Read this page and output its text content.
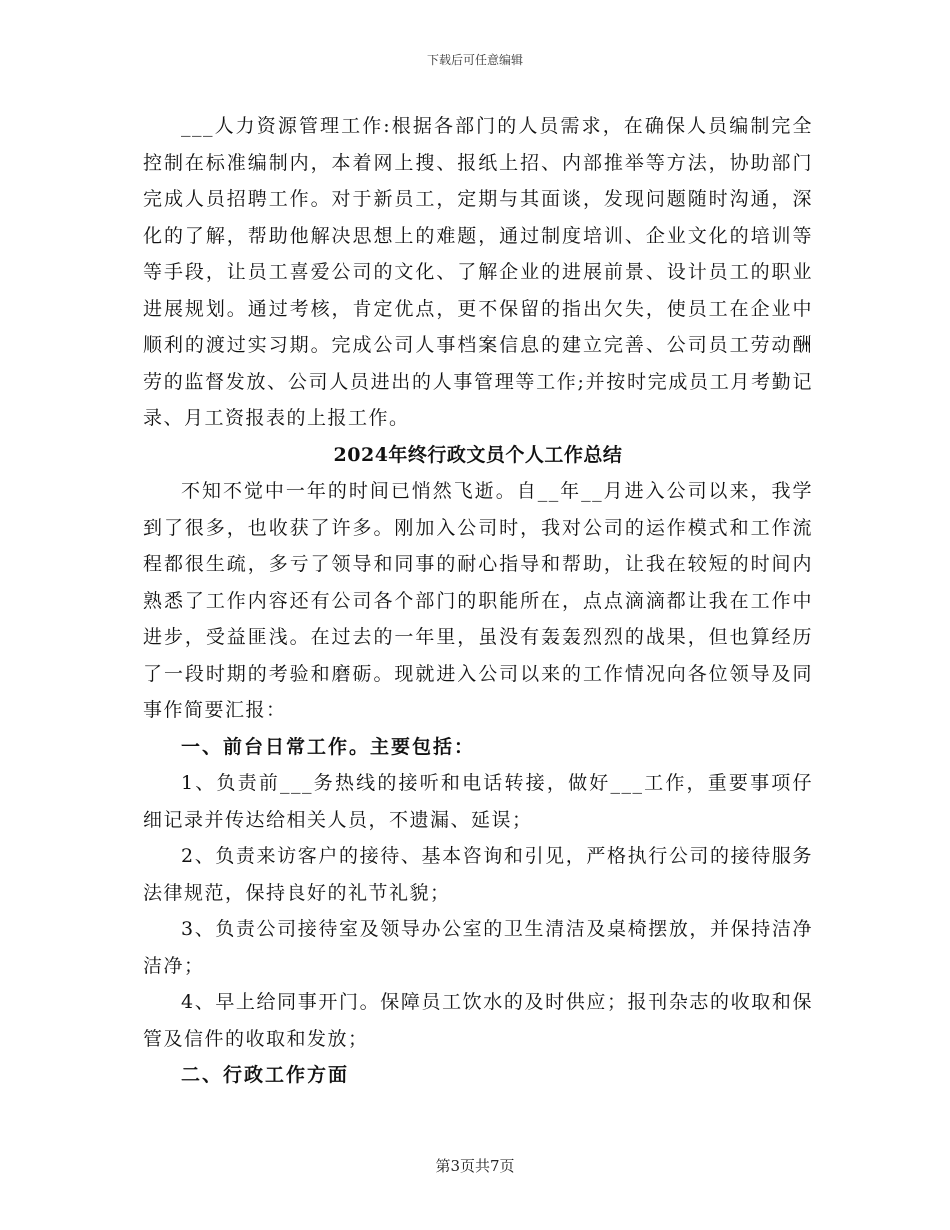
下载后可任意编辑

___人力资源管理工作:根据各部门的人员需求，在确保人员编制完全控制在标准编制内，本着网上搜、报纸上招、内部推举等方法，协助部门完成人员招聘工作。对于新员工，定期与其面谈，发现问题随时沟通，深化的了解，帮助他解决思想上的难题，通过制度培训、企业文化的培训等等手段，让员工喜爱公司的文化、了解企业的进展前景、设计员工的职业进展规划。通过考核，肯定优点，更不保留的指出欠失，使员工在企业中顺利的渡过实习期。完成公司人事档案信息的建立完善、公司员工劳动酬劳的监督发放、公司人员进出的人事管理等工作;并按时完成员工月考勤记录、月工资报表的上报工作。

2024年终行政文员个人工作总结

不知不觉中一年的时间已悄然飞逝。自__年__月进入公司以来，我学到了很多，也收获了许多。刚加入公司时，我对公司的运作模式和工作流程都很生疏，多亏了领导和同事的耐心指导和帮助，让我在较短的时间内熟悉了工作内容还有公司各个部门的职能所在，点点滴滴都让我在工作中进步，受益匪浅。在过去的一年里，虽没有轰轰烈烈的战果，但也算经历了一段时期的考验和磨砺。现就进入公司以来的工作情况向各位领导及同事作简要汇报：

一、前台日常工作。主要包括：

1、负责前___务热线的接听和电话转接，做好___工作，重要事项仔细记录并传达给相关人员，不遗漏、延误；

2、负责来访客户的接待、基本咨询和引见，严格执行公司的接待服务法律规范，保持良好的礼节礼貌；

3、负责公司接待室及领导办公室的卫生清洁及桌椅摆放，并保持洁净洁净；

4、早上给同事开门。保障员工饮水的及时供应；报刊杂志的收取和保管及信件的收取和发放；

二、行政工作方面

第3页共7页
